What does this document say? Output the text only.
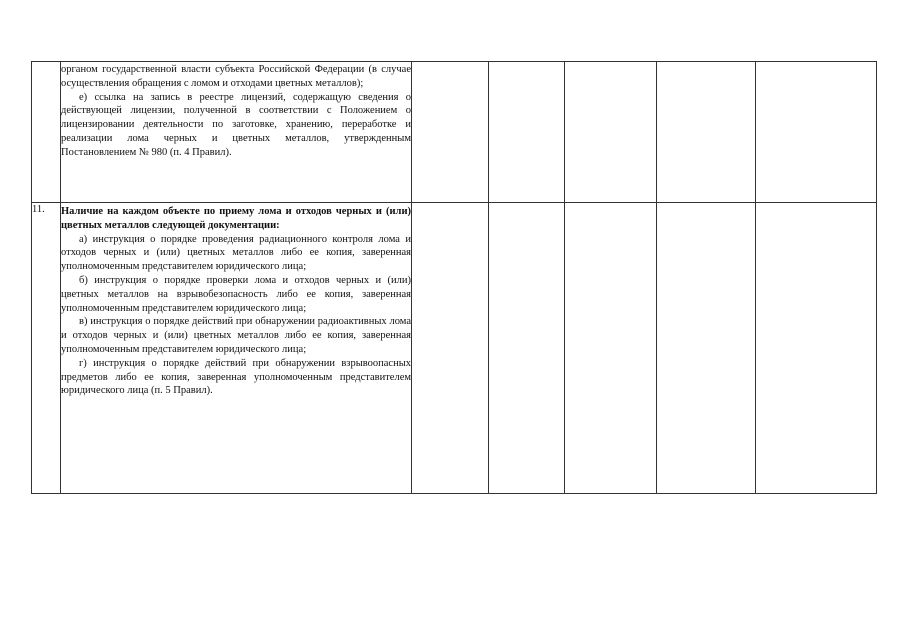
	органом государственной власти субъекта Российской Федерации (в случае осуществления обращения с ломом и отходами цветных металлов);

е) ссылка на запись в реестре лицензий, содержащую сведения о действующей лицензии, полученной в соответствии с Положением о лицензировании деятельности по заготовке, хранению, переработке и реализации лома черных и цветных металлов, утвержденным Постановлением № 980 (п. 4 Правил).					

11.	Наличие на каждом объекте по приему лома и отходов черных и (или) цветных металлов следующей документации:

а) инструкция о порядке проведения радиационного контроля лома и отходов черных и (или) цветных металлов либо ее копия, заверенная уполномоченным представителем юридического лица;

б) инструкция о порядке проверки лома и отходов черных и (или) цветных металлов на взрывобезопасность либо ее копия, заверенная уполномоченным представителем юридического лица;

в) инструкция о порядке действий при обнаружении радиоактивных лома и отходов черных и (или) цветных металлов либо ее копия, заверенная уполномоченным представителем юридического лица;

г) инструкция о порядке действий при обнаружении взрывоопасных предметов либо ее копия, заверенная уполномоченным представителем юридического лица (п. 5 Правил).					
